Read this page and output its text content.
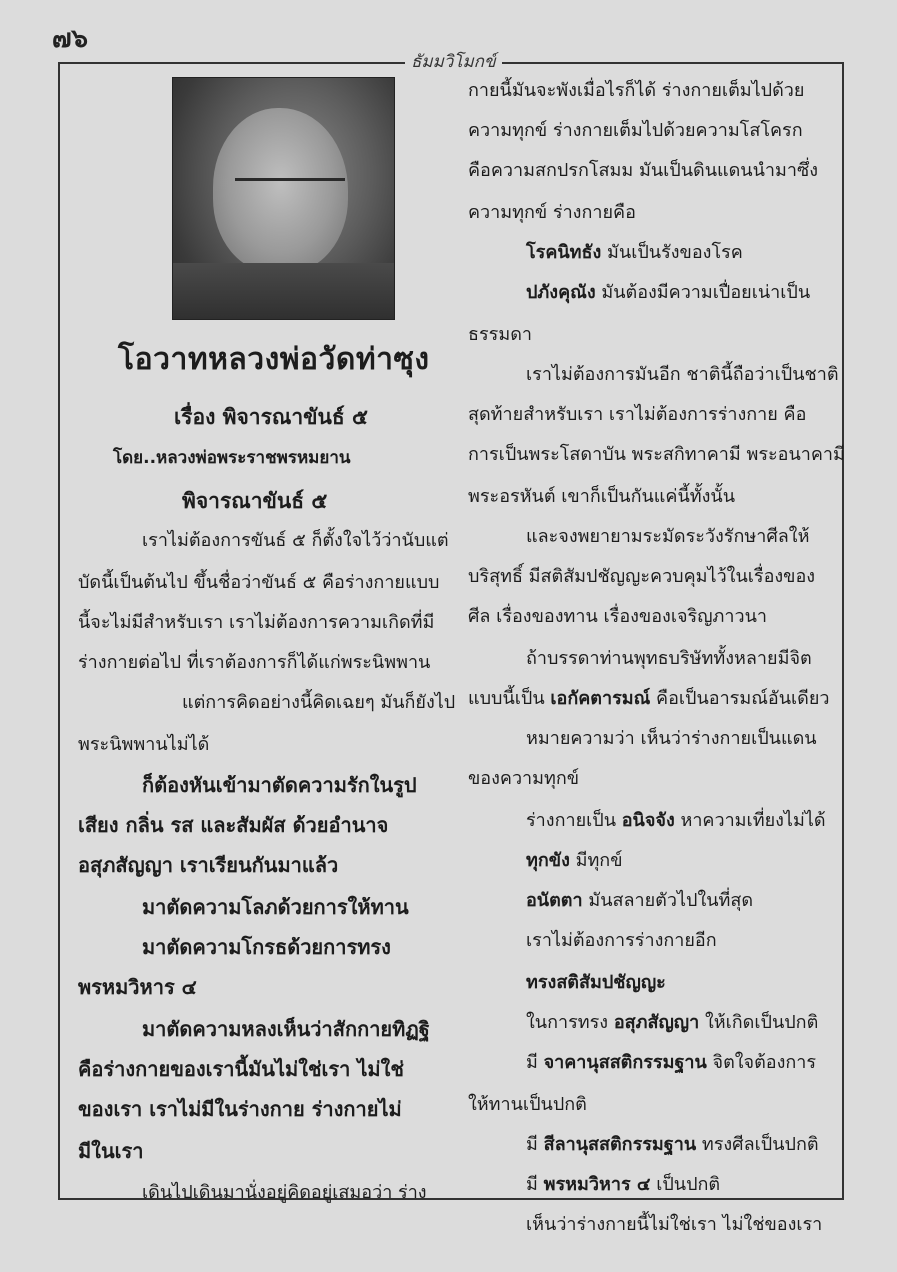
๗๖
ธัมมวิโมกข์
โอวาทหลวงพ่อวัดท่าซุง
เรื่อง พิจารณาขันธ์ ๕
โดย..หลวงพ่อพระราชพรหมยาน
พิจารณาขันธ์ ๕
เราไม่ต้องการขันธ์ ๕ ก็ตั้งใจไว้ว่านับแต่
บัดนี้เป็นต้นไป ขึ้นชื่อว่าขันธ์ ๕ คือร่างกายแบบ
นี้จะไม่มีสำหรับเรา เราไม่ต้องการความเกิดที่มี
ร่างกายต่อไป ที่เราต้องการก็ได้แก่พระนิพพาน
แต่การคิดอย่างนี้คิดเฉยๆ มันก็ยังไป
พระนิพพานไม่ได้
ก็ต้องหันเข้ามาตัดความรักในรูป
เสียง กลิ่น รส และสัมผัส ด้วยอำนาจ
อสุภสัญญา เราเรียนกันมาแล้ว
มาตัดความโลภด้วยการให้ทาน
มาตัดความโกรธด้วยการทรง
พรหมวิหาร ๔
มาตัดความหลงเห็นว่าสักกายทิฏฐิ
คือร่างกายของเรานี้มันไม่ใช่เรา ไม่ใช่
ของเรา เราไม่มีในร่างกาย ร่างกายไม่
มีในเรา
เดินไปเดินมานั่งอยู่คิดอยู่เสมอว่า ร่าง
กายนี้มันจะพังเมื่อไรก็ได้ ร่างกายเต็มไปด้วย
ความทุกข์ ร่างกายเต็มไปด้วยความโสโครก
คือความสกปรกโสมม มันเป็นดินแดนนำมาซึ่ง
ความทุกข์ ร่างกายคือ
โรคนิทธัง มันเป็นรังของโรค
ปภังคุณัง มันต้องมีความเปื่อยเน่าเป็น
ธรรมดา
เราไม่ต้องการมันอีก ชาตินี้ถือว่าเป็นชาติ
สุดท้ายสำหรับเรา เราไม่ต้องการร่างกาย คือ
การเป็นพระโสดาบัน พระสกิทาคามี พระอนาคามี
พระอรหันต์ เขาก็เป็นกันแค่นี้ทั้งนั้น
และจงพยายามระมัดระวังรักษาศีลให้
บริสุทธิ์ มีสติสัมปชัญญะควบคุมไว้ในเรื่องของ
ศีล เรื่องของทาน เรื่องของเจริญภาวนา
ถ้าบรรดาท่านพุทธบริษัททั้งหลายมีจิต
แบบนี้เป็น เอกัคตารมณ์ คือเป็นอารมณ์อันเดียว
หมายความว่า เห็นว่าร่างกายเป็นแดน
ของความทุกข์
ร่างกายเป็น อนิจจัง หาความเที่ยงไม่ได้
ทุกขัง มีทุกข์
อนัตตา มันสลายตัวไปในที่สุด
เราไม่ต้องการร่างกายอีก
ทรงสติสัมปชัญญะ
ในการทรง อสุภสัญญา ให้เกิดเป็นปกติ
มี จาคานุสสติกรรมฐาน จิตใจต้องการ
ให้ทานเป็นปกติ
มี สีลานุสสติกรรมฐาน ทรงศีลเป็นปกติ
มี พรหมวิหาร ๔ เป็นปกติ
เห็นว่าร่างกายนี้ไม่ใช่เรา ไม่ใช่ของเรา
